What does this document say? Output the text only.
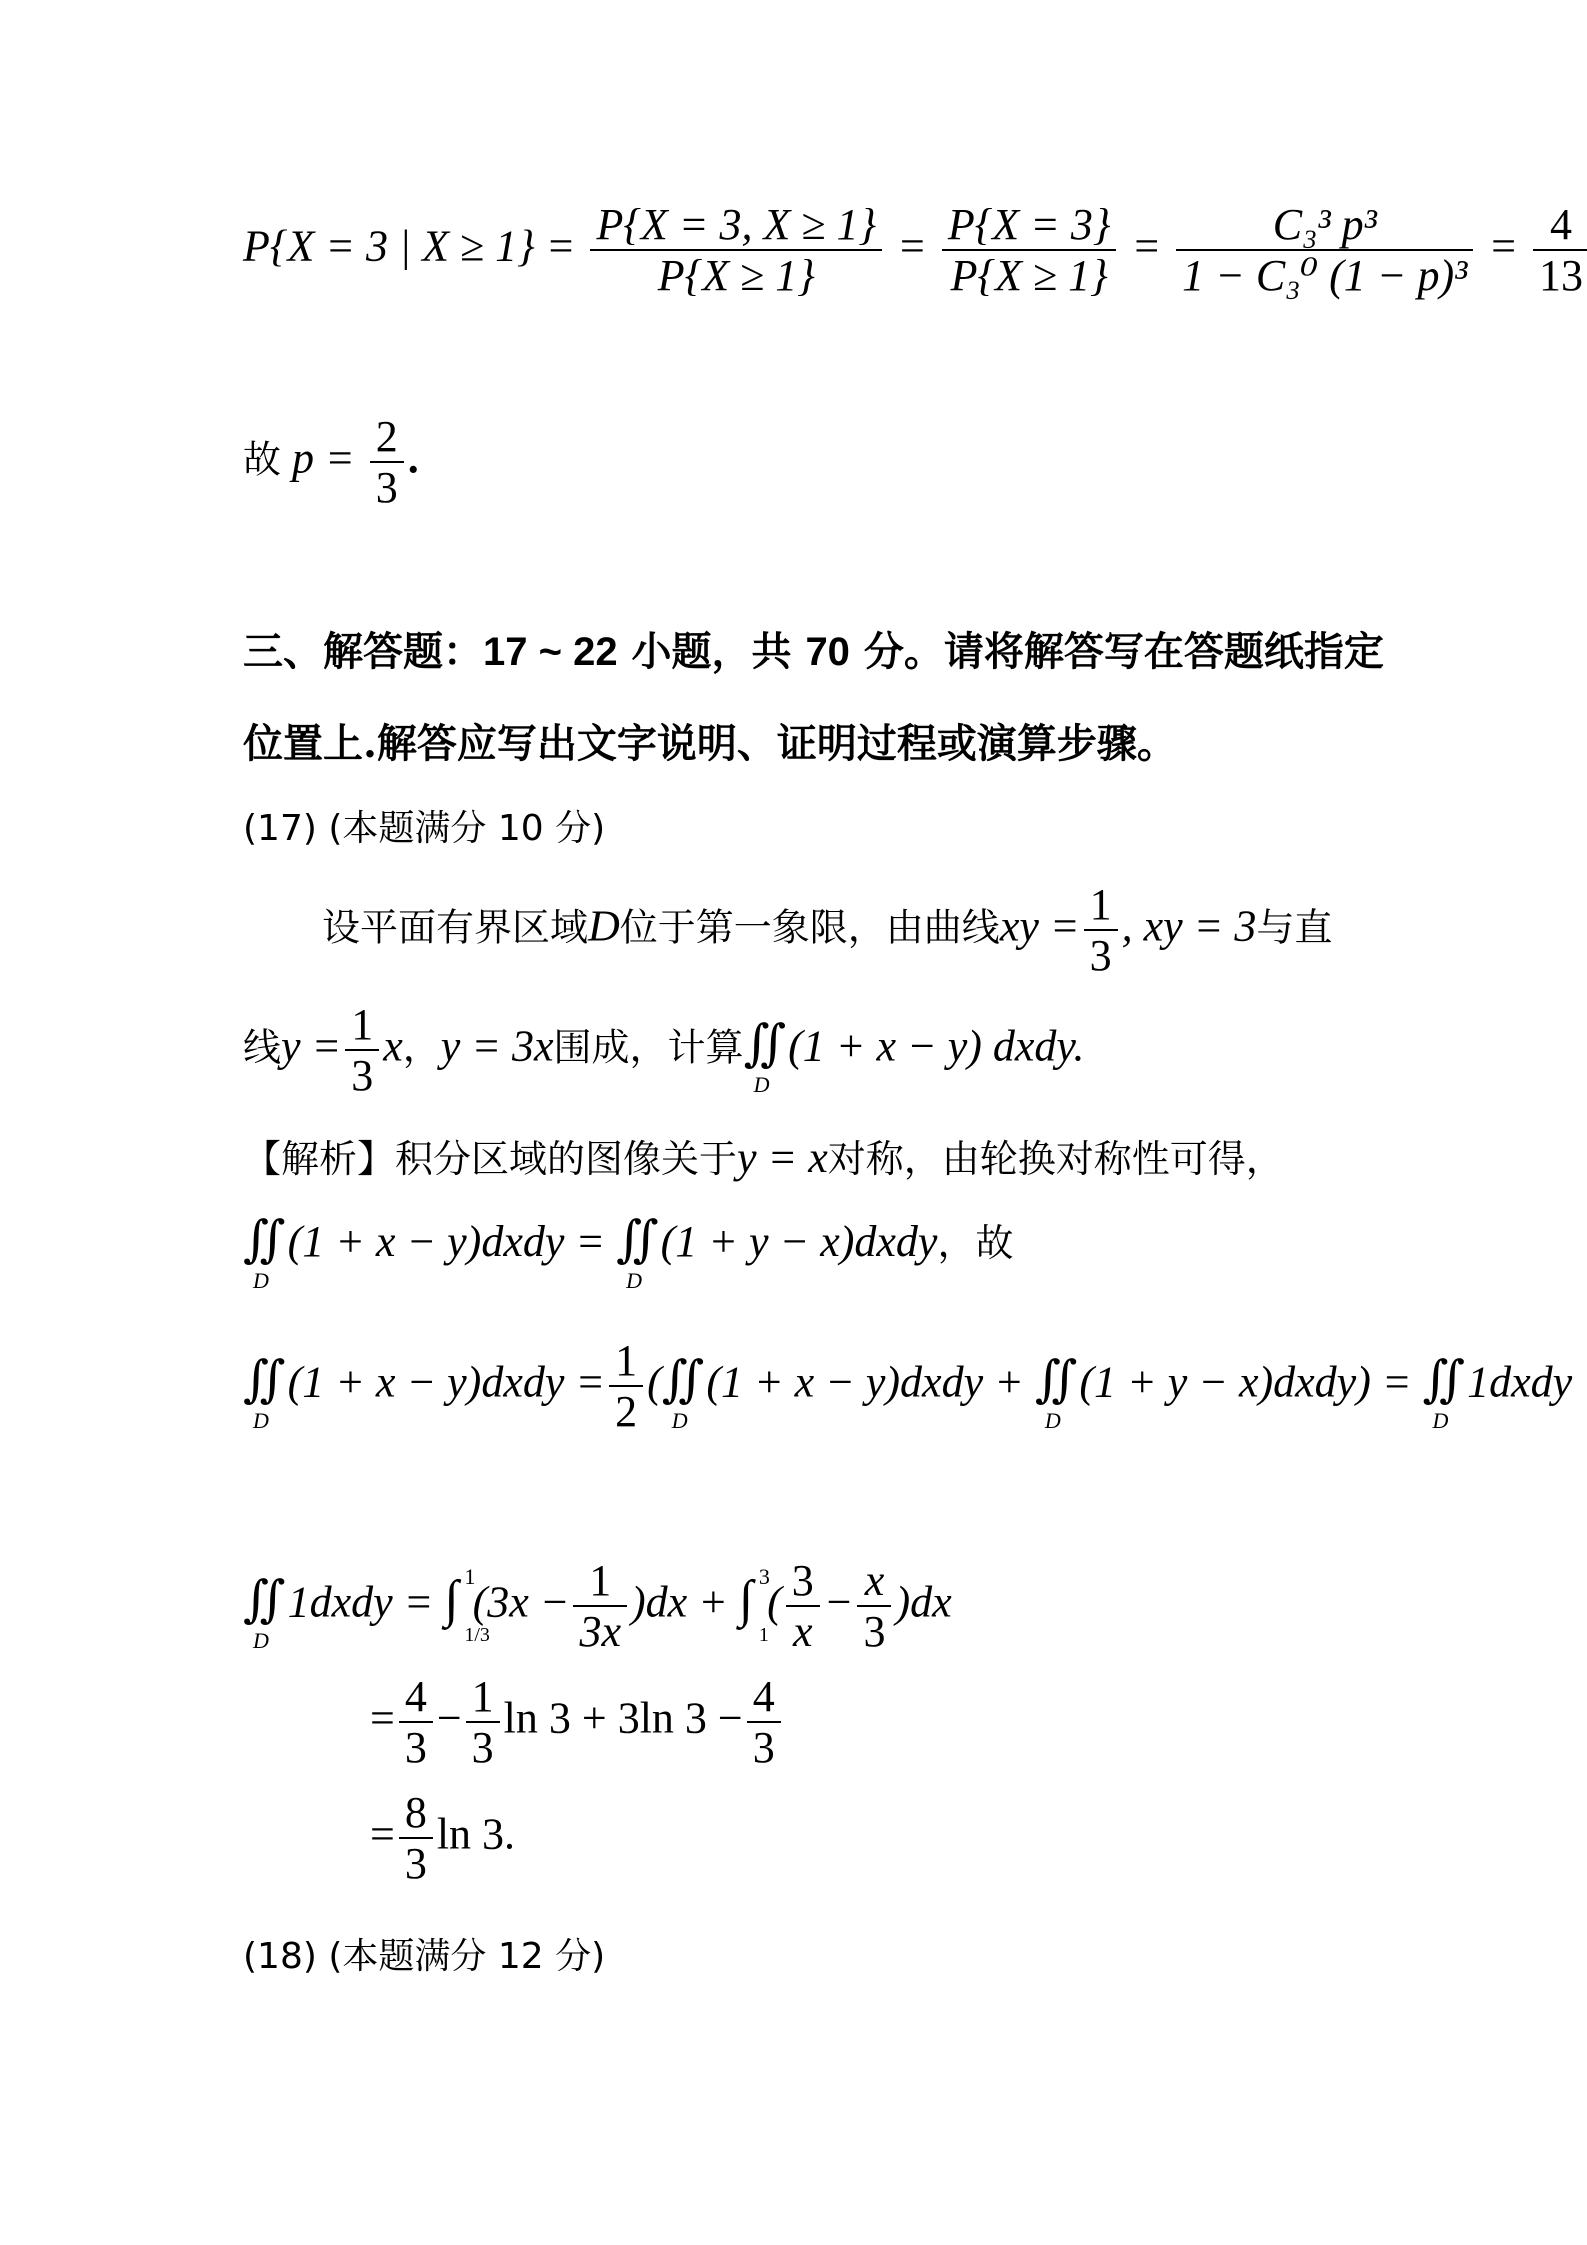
P{X = 3 | $X \ge 1\} = \frac{P\{X = 3, X \ge 1\}}{P\{X \ge 1\}} = \frac{P\{X = 3\}}{P\{X \ge 1\}} = \frac{\text{C₃³ p³}}{\text{1 − C₃⁰ (1 − p)³}} = \frac{4}{13}$
故 $p = \frac{2}{3}$ .
三、解答题：17 ~ 22 小题，共 70 分。请将解答写在答题纸指定
位置上.解答应写出文字说明、证明过程或演算步骤。
(17) (本题满分 10 分)
设平面有界区域D位于第一象限，由曲线xy = $\frac{1}{3}$ , xy = 3与直
线$y = \frac{1}{3}$ x，y = 3x围成，计算∬
D
(1 + x − y) dxdy.
【解析】积分区域的图像关于y = x对称，由轮换对称性可得，
∬
D
(1 + x − y)dxdy = ∬
D
(1 + y − x)dxdy，故
∬
D
(1 + x − y)dxdy = $\frac{1}{2}$ (∬
D
(1 + x − y)dxdy + ∬
D
(1 + y − x)dxdy) = ∬
D
1dxdy
∬
D
1dxdy = ∫ 1
1/3
$(3x - \frac{1}{3x} )dx$ + ∫ 3
1
( $\frac{3}{x} - \frac{x}{3} )dx$
= $\frac{4}{3} - \frac{1}{3}$ ln 3 + 3ln $3 - \frac{4}{3}$
= $\frac{8}{3}$ ln 3.
(18) (本题满分 12 分)
